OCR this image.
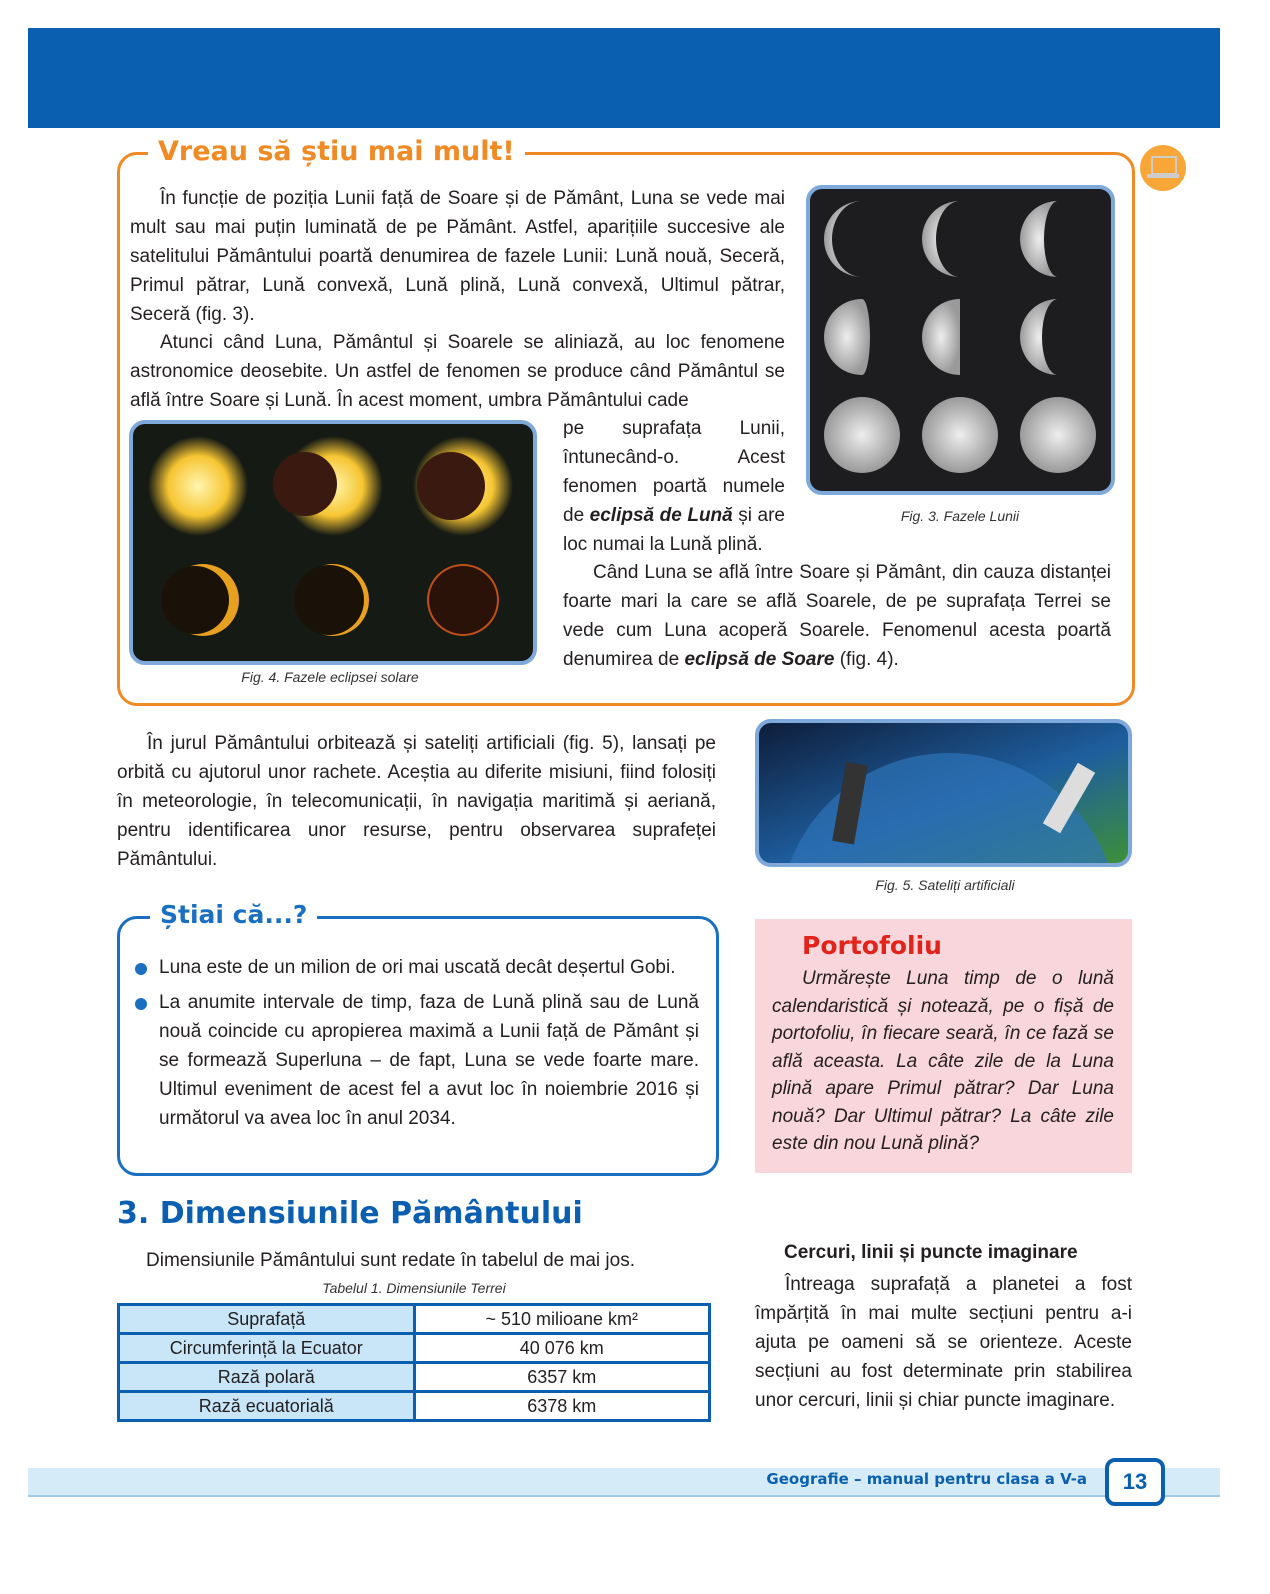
Vreau să știu mai mult!

În funcție de poziția Lunii față de Soare și de Pământ, Luna se vede mai mult sau mai puțin luminată de pe Pământ. Astfel, aparițiile succesive ale satelitului Pământului poartă denumirea de fazele Lunii: Lună nouă, Seceră, Primul pătrar, Lună convexă, Lună plină, Lună convexă, Ultimul pătrar, Seceră (fig. 3).

Atunci când Luna, Pământul și Soarele se aliniază, au loc fenomene astronomice deosebite. Un astfel de fenomen se produce când Pământul se află între Soare și Lună. În acest moment, umbra Pământului cade

pe suprafața Lunii, întunecând-o. Acest fenomen poartă numele de eclipsă de Lună și are loc numai la Lună plină.

Când Luna se află între Soare și Pământ, din cauza distanței foarte mari la care se află Soarele, de pe suprafața Terrei se vede cum Luna acoperă Soarele. Fenomenul acesta poartă denumirea de eclipsă de Soare (fig. 4).

Fig. 3. Fazele Lunii
Fig. 4. Fazele eclipsei solare

În jurul Pământului orbitează și sateliți artificiali (fig. 5), lansați pe orbită cu ajutorul unor rachete. Aceștia au diferite misiuni, fiind folosiți în meteorologie, în telecomunicații, în navigația maritimă și aeriană, pentru identificarea unor resurse, pentru observarea suprafeței Pământului.

Fig. 5. Sateliți artificiali
Știai că...?

Luna este de un milion de ori mai uscată decât deșertul Gobi.

La anumite intervale de timp, faza de Lună plină sau de Lună nouă coincide cu apropierea maximă a Lunii față de Pământ și se formează Superluna – de fapt, Luna se vede foarte mare. Ultimul eveniment de acest fel a avut loc în noiembrie 2016 și următorul va avea loc în anul 2034.

Portofoliu

Urmărește Luna timp de o lună calendaristică și notează, pe o fișă de portofoliu, în fiecare seară, în ce fază se află aceasta. La câte zile de la Luna plină apare Primul pătrar? Dar Luna nouă? Dar Ultimul pătrar? La câte zile este din nou Lună plină?

3. Dimensiunile Pământului

Dimensiunile Pământului sunt redate în tabelul de mai jos.

Tabelul 1. Dimensiunile Terrei
Suprafață	~ 510 milioane km²
Circumferință la Ecuator	40 076 km
Rază polară	6357 km
Rază ecuatorială	6378 km
Cercuri, linii și puncte imaginare

Întreaga suprafață a planetei a fost împărțită în mai multe secțiuni pentru a-i ajuta pe oameni să se orienteze. Aceste secțiuni au fost determinate prin stabilirea unor cercuri, linii și chiar puncte imaginare.

Geografie – manual pentru clasa a V-a	13
